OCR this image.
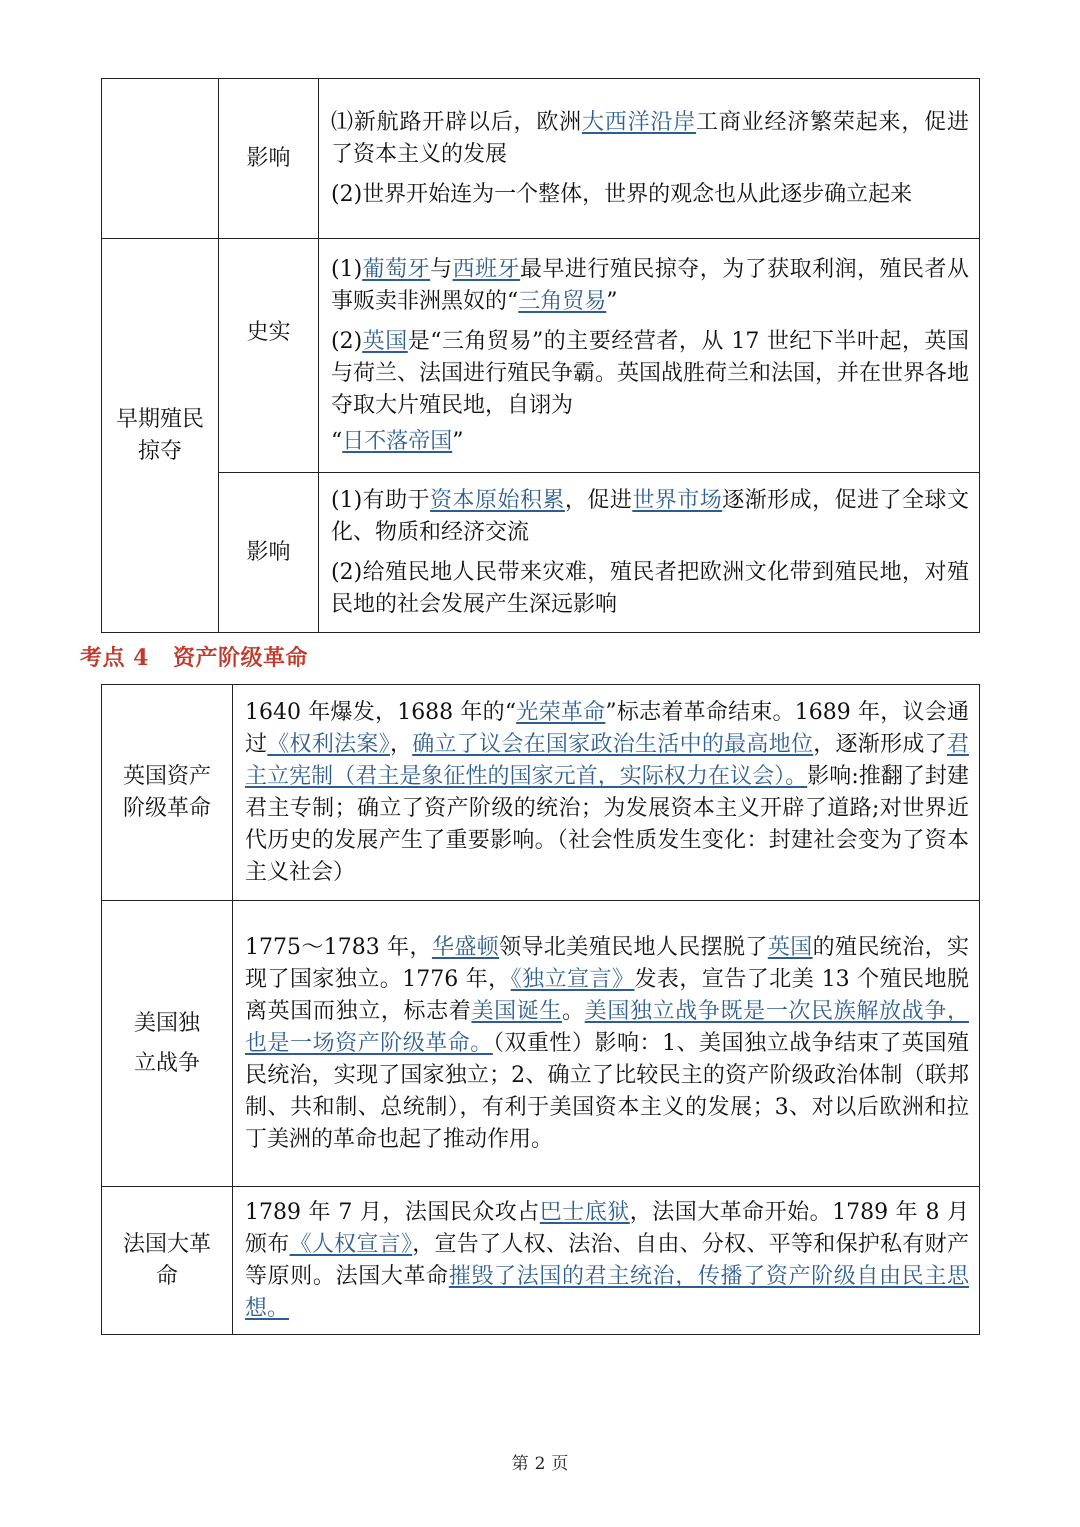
	影响	⑴新航路开辟以后，欧洲大西洋沿岸工商业经济繁荣起来，促进了资本主义的发展

(2)世界开始连为一个整体，世界的观念也从此逐步确立起来

早期殖民掠夺	史实	(1)葡萄牙与西班牙最早进行殖民掠夺，为了获取利润，殖民者从事贩卖非洲黑奴的“三角贸易”

(2)英国是“三角贸易”的主要经营者，从 17 世纪下半叶起，英国与荷兰、法国进行殖民争霸。英国战胜荷兰和法国，并在世界各地夺取大片殖民地，自诩为

“日不落帝国”

	影响	(1)有助于资本原始积累，促进世界市场逐渐形成，促进了全球文化、物质和经济交流

(2)给殖民地人民带来灾难，殖民者把欧洲文化带到殖民地，对殖民地的社会发展产生深远影响

考点 4 资产阶级革命
英国资产阶级革命	1640 年爆发，1688 年的“光荣革命”标志着革命结束。1689 年，议会通过《权利法案》，确立了议会在国家政治生活中的最高地位，逐渐形成了君主立宪制（君主是象征性的国家元首，实际权力在议会）。影响:推翻了封建君主专制；确立了资产阶级的统治；为发展资本主义开辟了道路;对世界近代历史的发展产生了重要影响。（社会性质发生变化：封建社会变为了资本主义社会）
美国独立战争	1775～1783 年，华盛顿领导北美殖民地人民摆脱了英国的殖民统治，实现了国家独立。1776 年，《独立宣言》发表，宣告了北美 13 个殖民地脱离英国而独立，标志着美国诞生。美国独立战争既是一次民族解放战争，也是一场资产阶级革命。（双重性）影响：1、美国独立战争结束了英国殖民统治，实现了国家独立；2、确立了比较民主的资产阶级政治体制（联邦制、共和制、总统制），有利于美国资本主义的发展；3、对以后欧洲和拉丁美洲的革命也起了推动作用。
法国大革命	1789 年 7 月，法国民众攻占巴士底狱，法国大革命开始。1789 年 8 月颁布《人权宣言》，宣告了人权、法治、自由、分权、平等和保护私有财产等原则。法国大革命摧毁了法国的君主统治，传播了资产阶级自由民主思想。
第 2 页
